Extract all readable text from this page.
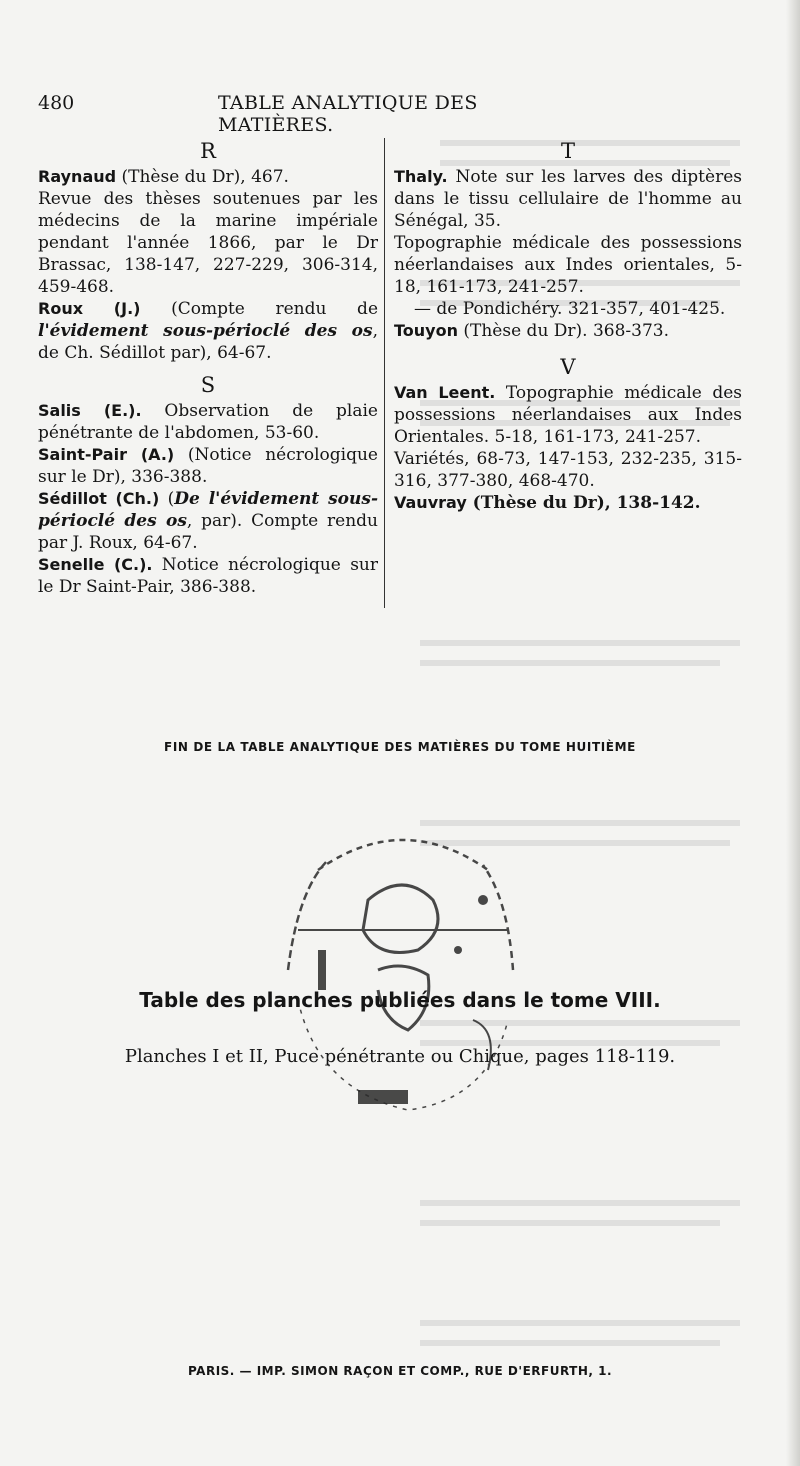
480	TABLE ANALYTIQUE DES MATIÈRES.
R

Raynaud (Thèse du Dr), 467.

Revue des thèses soutenues par les médecins de la marine impériale pendant l'année 1866, par le Dr Brassac, 138-147, 227-229, 306-314, 459-468.

Roux (J.) (Compte rendu de l'évidement sous-périoclé des os, de Ch. Sédillot par), 64-67.

S

Salis (E.). Observation de plaie pénétrante de l'abdomen, 53-60.

Saint-Pair (A.) (Notice nécrologique sur le Dr), 336-388.

Sédillot (Ch.) (De l'évidement sous-périoclé des os, par). Compte rendu par J. Roux, 64-67.

Senelle (C.). Notice nécrologique sur le Dr Saint-Pair, 386-388.

T

Thaly. Note sur les larves des diptères dans le tissu cellulaire de l'homme au Sénégal, 35.

Topographie médicale des possessions néerlandaises aux Indes orientales, 5-18, 161-173, 241-257.

— de Pondichéry. 321-357, 401-425.

Touyon (Thèse du Dr). 368-373.

V

Van Leent. Topographie médicale des possessions néerlandaises aux Indes Orientales. 5-18, 161-173, 241-257.

Variétés, 68-73, 147-153, 232-235, 315-316, 377-380, 468-470.

Vauvray (Thèse du Dr), 138-142.

FIN DE LA TABLE ANALYTIQUE DES MATIÈRES DU TOME HUITIÈME
Table des planches publiées dans le tome VIII.
Planches I et II, Puce pénétrante ou Chique, pages 118-119.
PARIS. — IMP. SIMON RAÇON ET COMP., RUE D'ERFURTH, 1.
